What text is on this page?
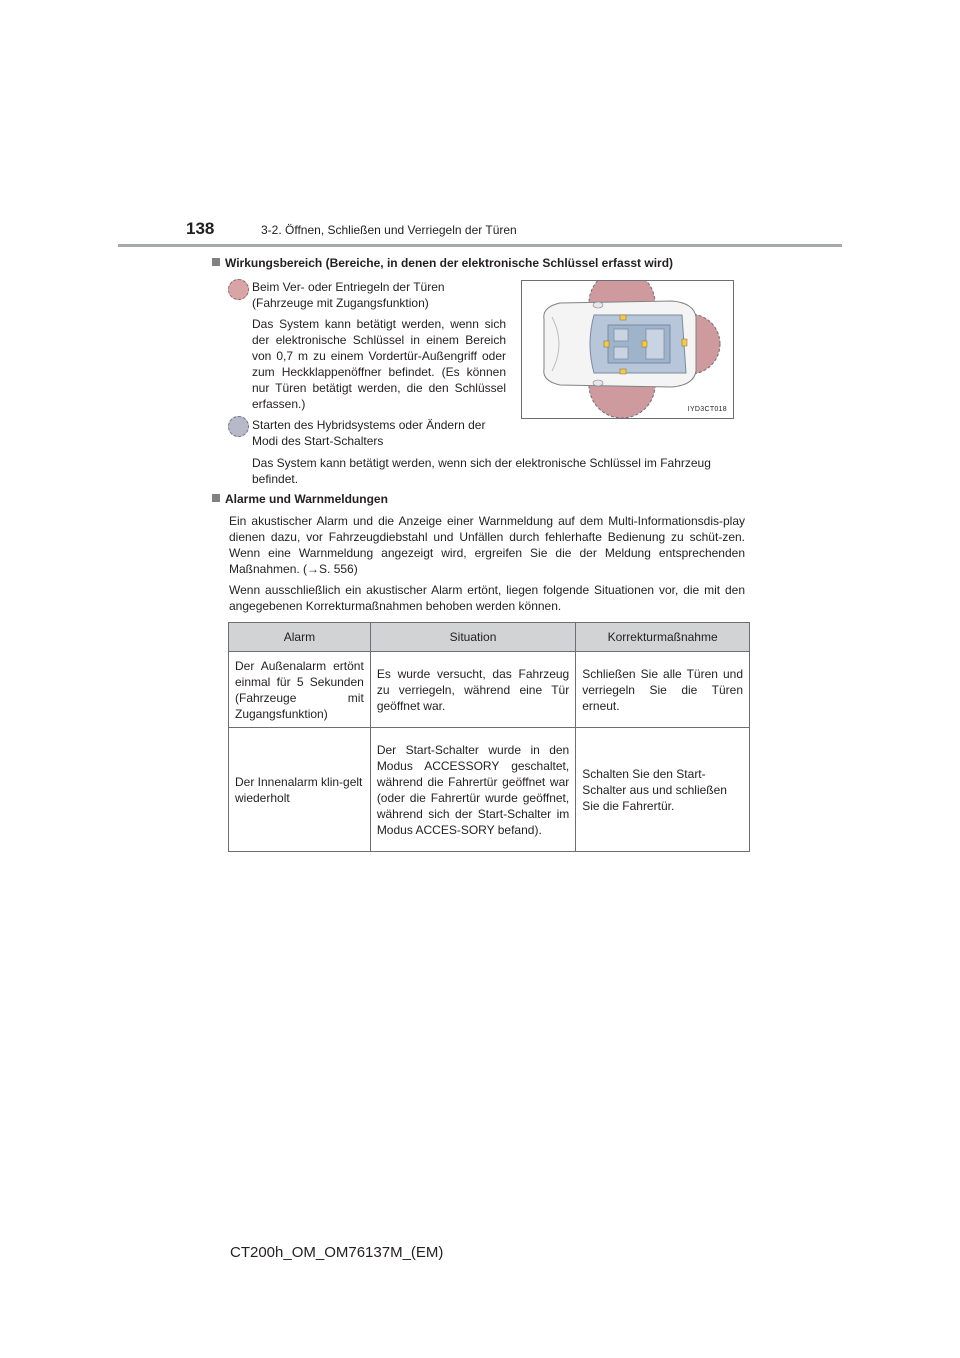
138	3-2. Öffnen, Schließen und Verriegeln der Türen
Wirkungsbereich (Bereiche, in denen der elektronische Schlüssel erfasst wird)
Beim Ver- oder Entriegeln der Türen (Fahrzeuge mit Zugangsfunktion)
Das System kann betätigt werden, wenn sich der elektronische Schlüssel in einem Bereich von 0,7 m zu einem Vordertür-Außengriff oder zum Heckklappenöffner befindet. (Es können nur Türen betätigt werden, die den Schlüssel erfassen.)	IYD3CT018
Starten des Hybridsystems oder Ändern der Modi des Start-Schalters
Das System kann betätigt werden, wenn sich der elektronische Schlüssel im Fahrzeug befindet.
Alarme und Warnmeldungen
Ein akustischer Alarm und die Anzeige einer Warnmeldung auf dem Multi-Informationsdis-play dienen dazu, vor Fahrzeugdiebstahl und Unfällen durch fehlerhafte Bedienung zu schüt-zen. Wenn eine Warnmeldung angezeigt wird, ergreifen Sie die der Meldung entsprechenden Maßnahmen. (→S. 556)
Wenn ausschließlich ein akustischer Alarm ertönt, liegen folgende Situationen vor, die mit den angegebenen Korrekturmaßnahmen behoben werden können.
Alarm	Situation	Korrekturmaßnahme
Der Außenalarm ertönt einmal für 5 Sekunden (Fahrzeuge mit Zugangsfunktion)	Es wurde versucht, das Fahrzeug zu verriegeln, während eine Tür geöffnet war.	Schließen Sie alle Türen und verriegeln Sie die Türen erneut.
Der Innenalarm klin-gelt wiederholt	Der Start-Schalter wurde in den Modus ACCESSORY geschaltet, während die Fahrertür geöffnet war (oder die Fahrertür wurde geöffnet, während sich der Start-Schalter im Modus ACCES-SORY befand).	Schalten Sie den Start-Schalter aus und schließen Sie die Fahrertür.
CT200h_OM_OM76137M_(EM)
